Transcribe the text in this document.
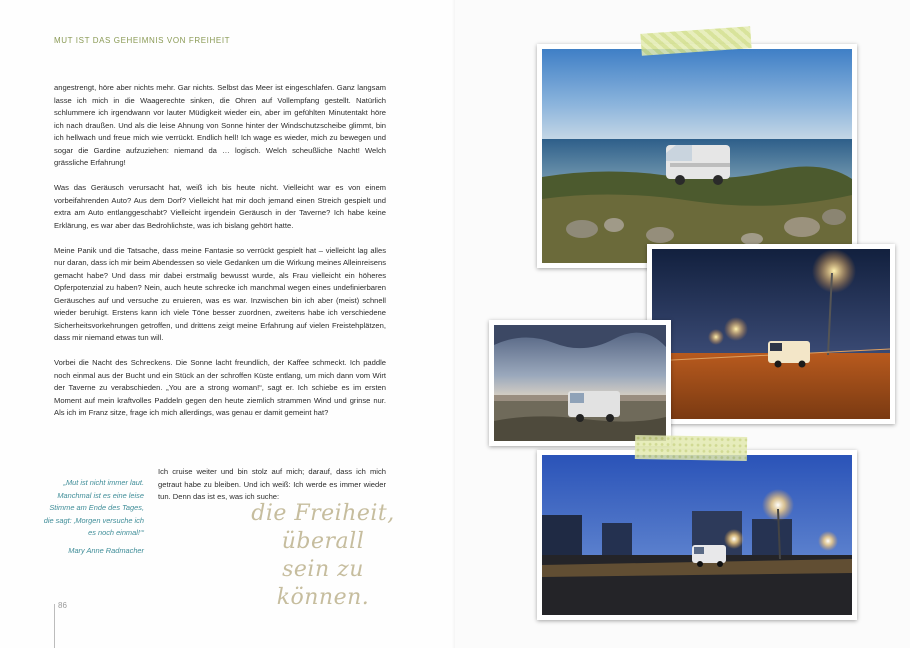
MUT IST DAS GEHEIMNIS VON FREIHEIT

angestrengt, höre aber nichts mehr. Gar nichts. Selbst das Meer ist eingeschlafen. Ganz langsam lasse ich mich in die Waagerechte sinken, die Ohren auf Vollempfang gestellt. Natürlich schlummere ich irgendwann vor lauter Müdigkeit wieder ein, aber im gefühlten Minutentakt höre ich nach draußen. Und als die leise Ahnung von Sonne hinter der Windschutzscheibe glimmt, bin ich hellwach und freue mich wie verrückt. Endlich hell! Ich wage es wieder, mich zu bewegen und sogar die Gardine aufzuziehen: niemand da … logisch. Welch scheußliche Nacht! Welch grässliche Erfahrung!

Was das Geräusch verursacht hat, weiß ich bis heute nicht. Vielleicht war es von einem vorbeifahrenden Auto? Aus dem Dorf? Vielleicht hat mir doch jemand einen Streich gespielt und extra am Auto entlanggeschabt? Vielleicht irgendein Geräusch in der Taverne? Ich habe keine Erklärung, es war aber das Bedrohlichste, was ich bislang gehört hatte.

Meine Panik und die Tatsache, dass meine Fantasie so verrückt gespielt hat – vielleicht lag alles nur daran, dass ich mir beim Abendessen so viele Gedanken um die Wirkung meines Alleinreisens gemacht habe? Und dass mir dabei erstmalig bewusst wurde, als Frau vielleicht ein höheres Opferpotenzial zu haben? Nein, auch heute schrecke ich manchmal wegen eines undefinierbaren Geräusches auf und versuche zu eruieren, was es war. Inzwischen bin ich aber (meist) schnell wieder beruhigt. Erstens kann ich viele Töne besser zuordnen, zweitens habe ich verschiedene Sicherheitsvorkehrungen getroffen, und drittens zeigt meine Erfahrung auf vielen Freistehplätzen, dass mir niemand etwas tun will.

Vorbei die Nacht des Schreckens. Die Sonne lacht freundlich, der Kaffee schmeckt. Ich paddle noch einmal aus der Bucht und ein Stück an der schroffen Küste entlang, um mich dann vom Wirt der Taverne zu verabschieden. „You are a strong woman!“, sagt er. Ich schiebe es im ersten Moment auf mein kraftvolles Paddeln gegen den heute ziemlich strammen Wind und grinse nur. Als ich im Franz sitze, frage ich mich allerdings, was genau er damit gemeint hat?

Ich cruise weiter und bin stolz auf mich; darauf, dass ich mich getraut habe zu bleiben. Und ich weiß: Ich werde es immer wieder tun. Denn das ist es, was ich suche:
„Mut ist nicht immer laut. Manchmal ist es eine leise Stimme am Ende des Tages, die sagt: ‚Morgen versuche ich es noch einmal!‘“
Mary Anne Radmacher
die Freiheit,
überall
sein zu können.
86
